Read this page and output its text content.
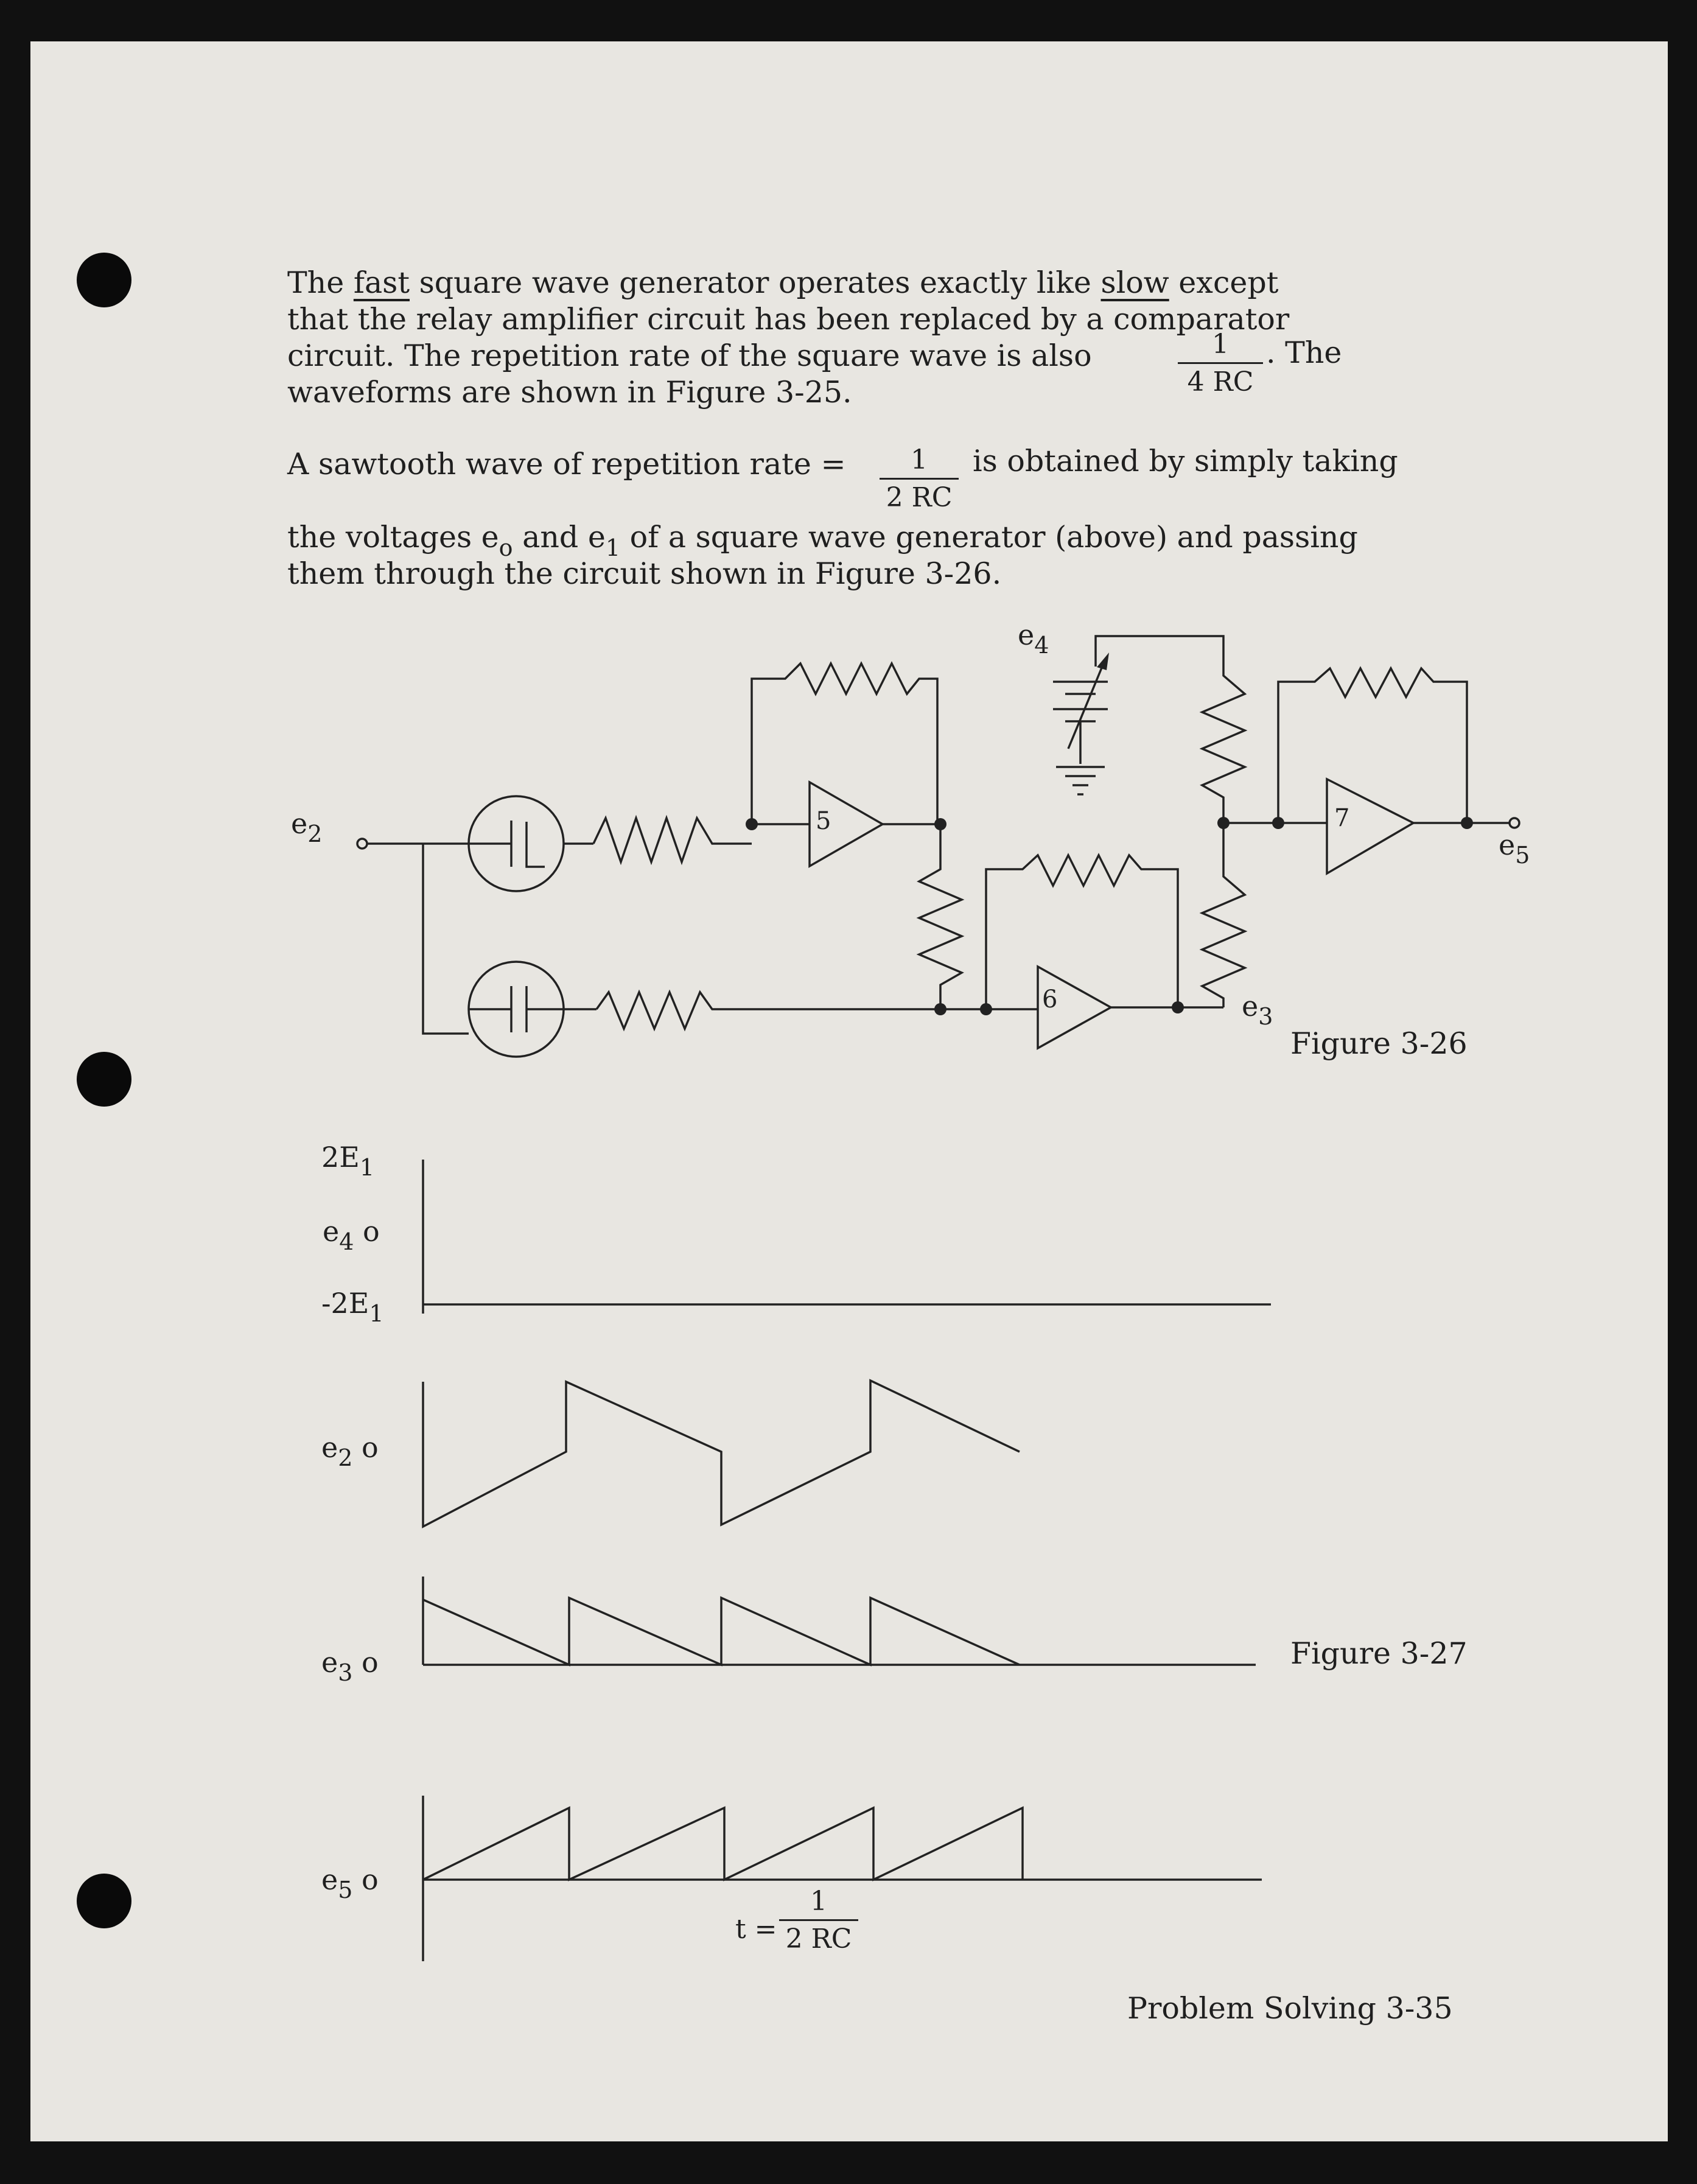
The fast square wave generator operates exactly like slow except
that the relay amplifier circuit has been replaced by a comparator
circuit. The repetition rate of the square wave is also	1
4 RC
. The
waveforms are shown in Figure 3-25.
A sawtooth wave of repetition rate =	1
2 RC
is obtained by simply taking
the voltages $e_o$ and $e_1$ of a square wave generator (above) and passing
them through the circuit shown in Figure 3-26.
5
6
7
$e_2$
$e_3$
$e_4$
$e_5$
Figure 3-26
$2E_1$
$e_4$ o
$-2E_1$
$e_2$ o
$e_3$ o
$e_5$ o
Figure 3-27
t =
1
2 RC
Problem Solving 3-35
